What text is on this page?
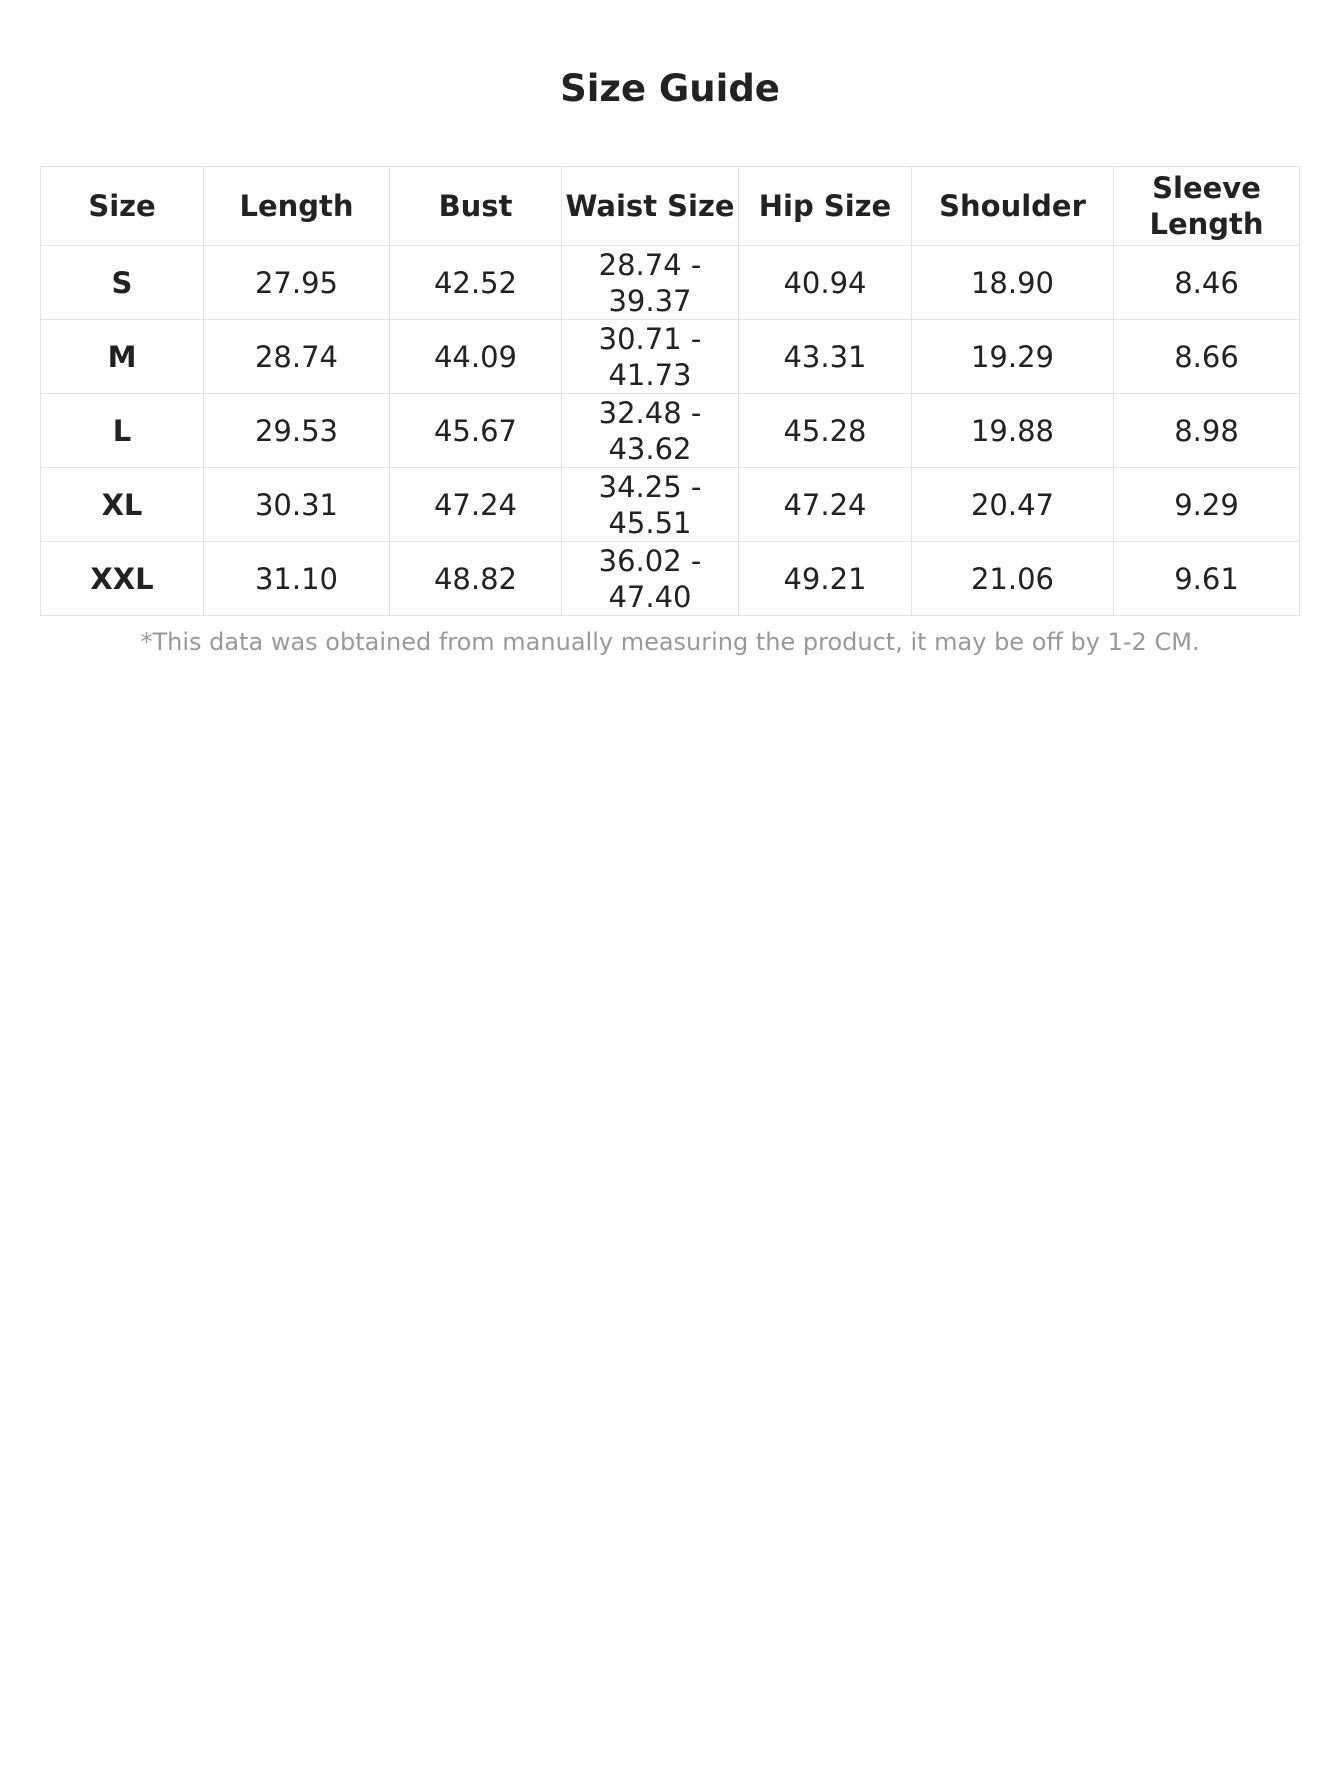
Size Guide
Size	Length	Bust	Waist Size	Hip Size	Shoulder	Sleeve Length
S	27.95	42.52	28.74 - 39.37	40.94	18.90	8.46
M	28.74	44.09	30.71 - 41.73	43.31	19.29	8.66
L	29.53	45.67	32.48 - 43.62	45.28	19.88	8.98
XL	30.31	47.24	34.25 - 45.51	47.24	20.47	9.29
XXL	31.10	48.82	36.02 - 47.40	49.21	21.06	9.61

*This data was obtained from manually measuring the product, it may be off by 1-2 CM.
